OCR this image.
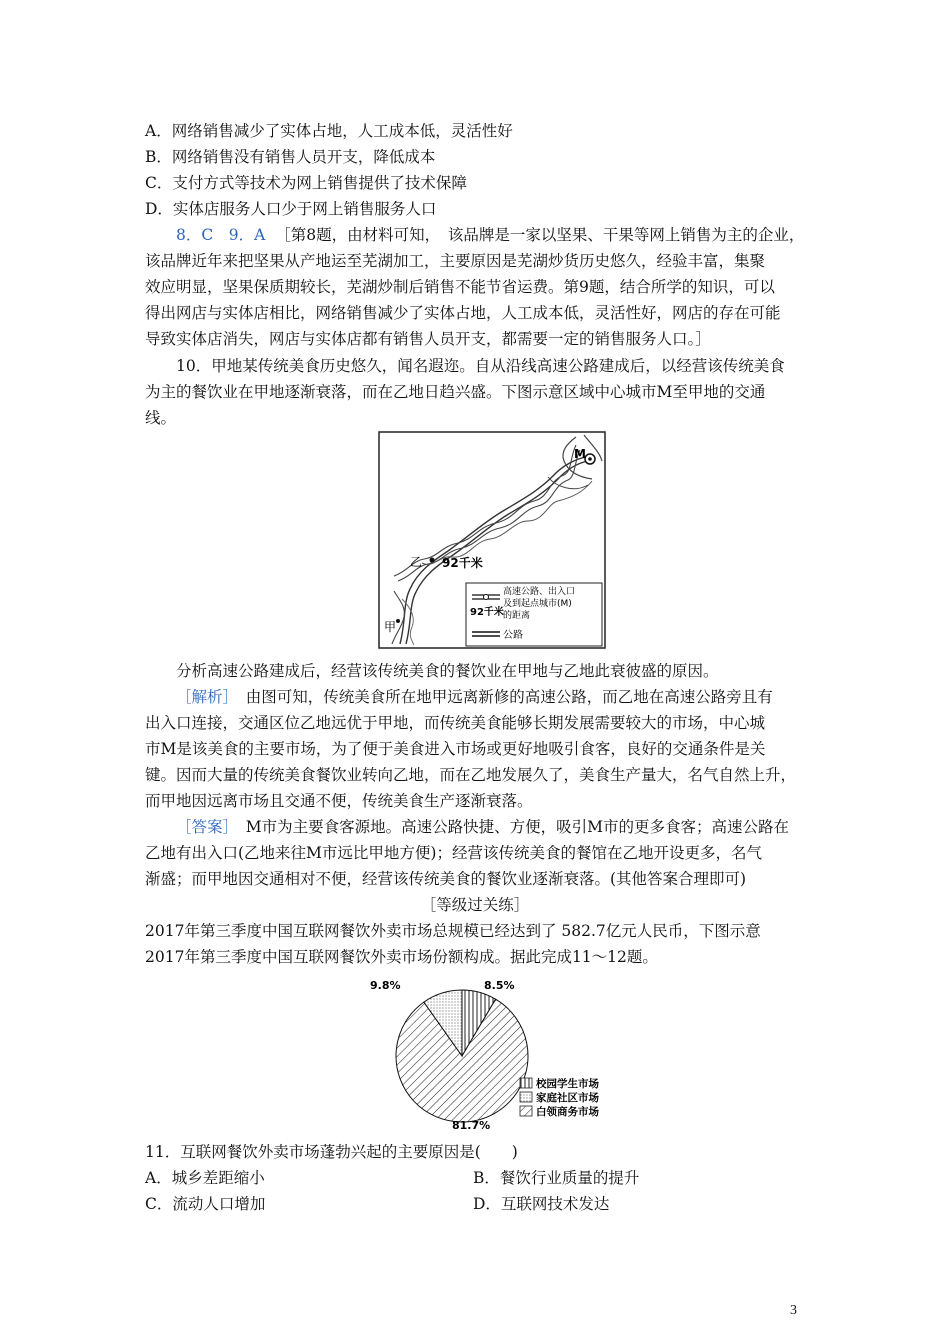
A．网络销售减少了实体占地，人工成本低，灵活性好
B．网络销售没有销售人员开支，降低成本
C．支付方式等技术为网上销售提供了技术保障
D．实体店服务人口少于网上销售服务人口
8．C　9．A ［第8题，由材料可知，　该品牌是一家以坚果、干果等网上销售为主的企业，
该品牌近年来把坚果从产地运至芜湖加工，主要原因是芜湖炒货历史悠久，经验丰富，集聚
效应明显，坚果保质期较长，芜湖炒制后销售不能节省运费。第9题，结合所学的知识，可以
得出网店与实体店相比，网络销售减少了实体占地，人工成本低，灵活性好，网店的存在可能
导致实体店消失，网店与实体店都有销售人员开支，都需要一定的销售服务人口。］
10．甲地某传统美食历史悠久，闻名遐迩。自从沿线高速公路建成后，以经营该传统美食
为主的餐饮业在甲地逐渐衰落，而在乙地日趋兴盛。下图示意区域中心城市M至甲地的交通
线。
M
乙 92千米
甲
92千米
高速公路、出入口
及到起点城市(M)
的距离
公路
分析高速公路建成后，经营该传统美食的餐饮业在甲地与乙地此衰彼盛的原因。
［解析］　由图可知，传统美食所在地甲远离新修的高速公路，而乙地在高速公路旁且有
出入口连接，交通区位乙地远优于甲地，而传统美食能够长期发展需要较大的市场，中心城
市M是该美食的主要市场，为了便于美食进入市场或更好地吸引食客，良好的交通条件是关
键。因而大量的传统美食餐饮业转向乙地，而在乙地发展久了，美食生产量大，名气自然上升，
而甲地因远离市场且交通不便，传统美食生产逐渐衰落。
［答案］　M市为主要食客源地。高速公路快捷、方便，吸引M市的更多食客；高速公路在
乙地有出入口(乙地来往M市远比甲地方便)；经营该传统美食的餐馆在乙地开设更多，名气
渐盛；而甲地因交通相对不便，经营该传统美食的餐饮业逐渐衰落。(其他答案合理即可)
［等级过关练］
2017年第三季度中国互联网餐饮外卖市场总规模已经达到了 582.7亿元人民币，下图示意
2017年第三季度中国互联网餐饮外卖市场份额构成。据此完成11～12题。
9.8%	8.5%
81.7%
校园学生市场
家庭社区市场
白领商务市场
11．互联网餐饮外卖市场蓬勃兴起的主要原因是(　　)
A．城乡差距缩小	B．餐饮行业质量的提升
C．流动人口增加	D．互联网技术发达
3
